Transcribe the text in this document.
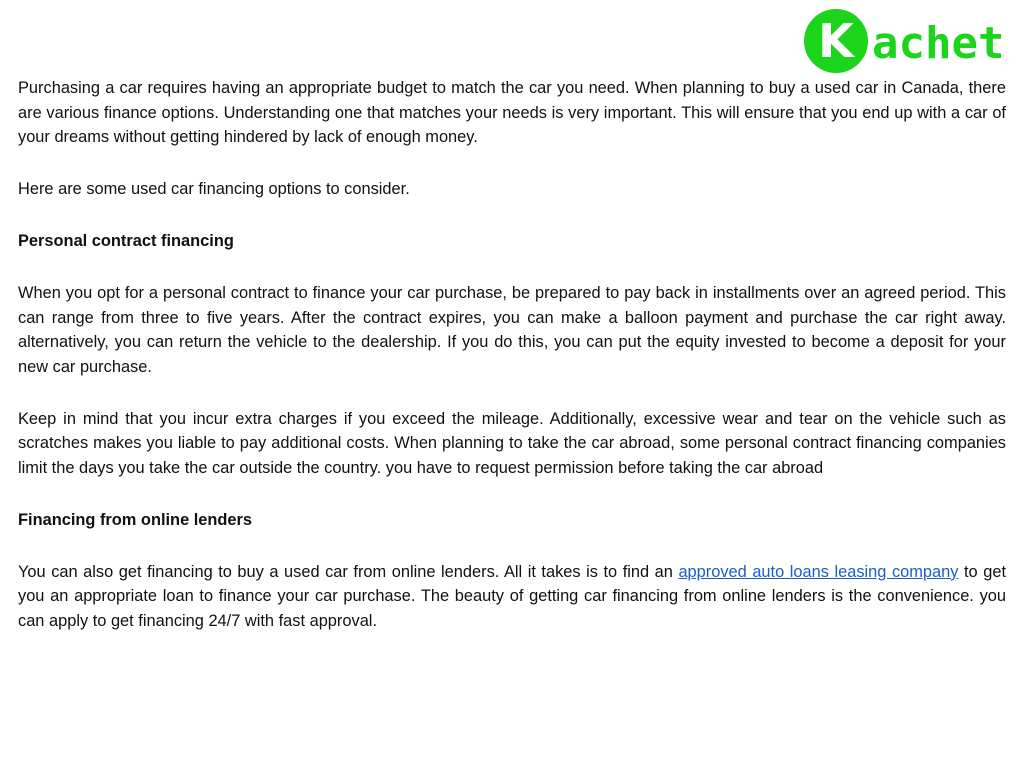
K achet

Purchasing a car requires having an appropriate budget to match the car you need. When planning to buy a used car in Canada, there are various finance options. Understanding one that matches your needs is very important. This will ensure that you end up with a car of your dreams without getting hindered by lack of enough money.

Here are some used car financing options to consider.

Personal contract financing

When you opt for a personal contract to finance your car purchase, be prepared to pay back in installments over an agreed period. This can range from three to five years. After the contract expires, you can make a balloon payment and purchase the car right away. alternatively, you can return the vehicle to the dealership. If you do this, you can put the equity invested to become a deposit for your new car purchase.

Keep in mind that you incur extra charges if you exceed the mileage. Additionally, excessive wear and tear on the vehicle such as scratches makes you liable to pay additional costs. When planning to take the car abroad, some personal contract financing companies limit the days you take the car outside the country. you have to request permission before taking the car abroad

Financing from online lenders

You can also get financing to buy a used car from online lenders. All it takes is to find an approved auto loans leasing company to get you an appropriate loan to finance your car purchase. The beauty of getting car financing from online lenders is the convenience. you can apply to get financing 24/7 with fast approval.
